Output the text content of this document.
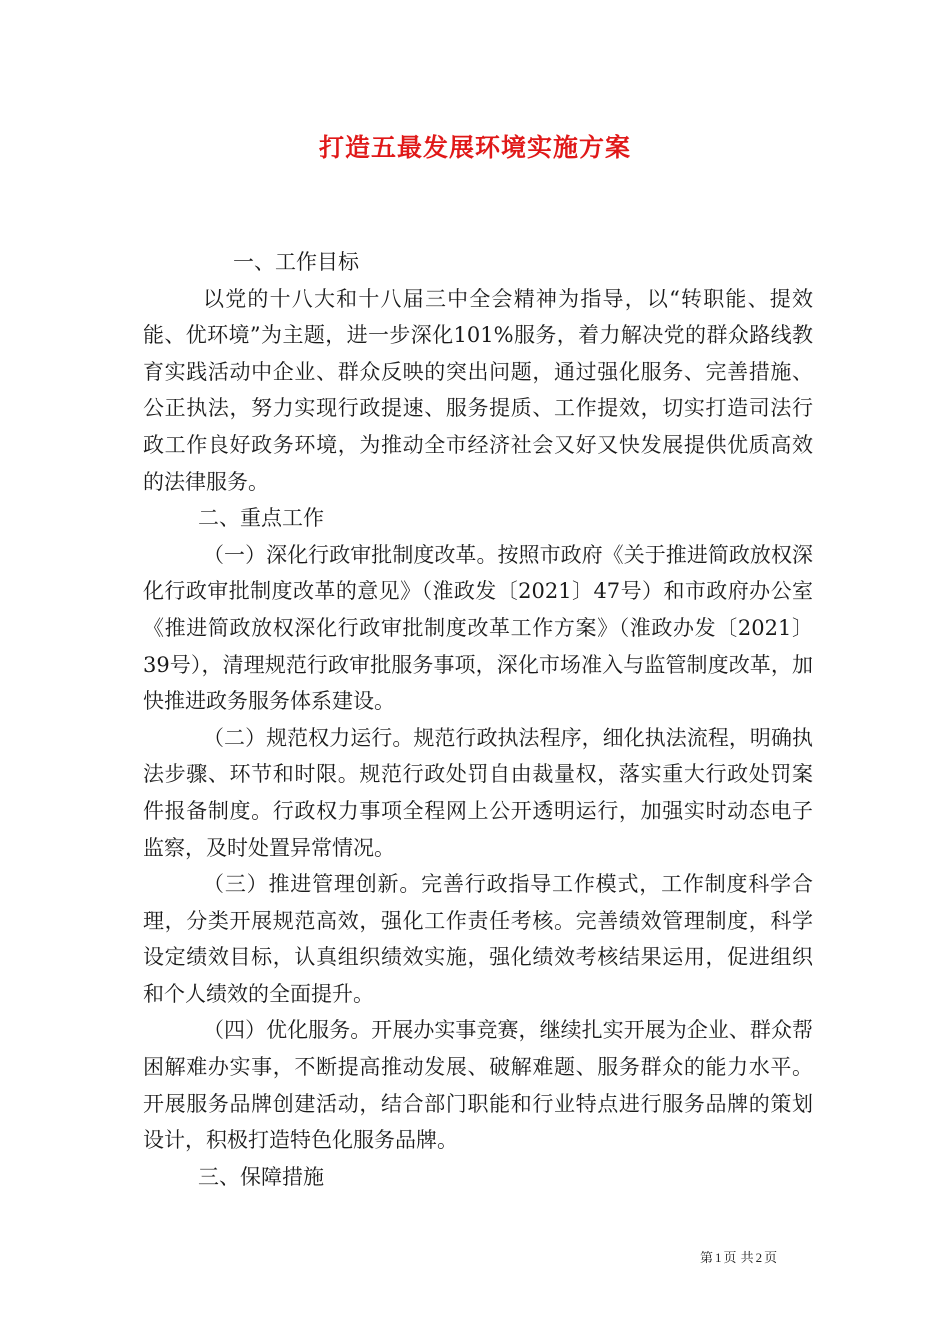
打造五最发展环境实施方案

一、工作目标

以党的十八大和十八届三中全会精神为指导，以“转职能、提效能、优环境”为主题，进一步深化101%服务，着力解决党的群众路线教育实践活动中企业、群众反映的突出问题，通过强化服务、完善措施、公正执法，努力实现行政提速、服务提质、工作提效，切实打造司法行政工作良好政务环境，为推动全市经济社会又好又快发展提供优质高效的法律服务。

二、重点工作

（一）深化行政审批制度改革。按照市政府《关于推进简政放权深化行政审批制度改革的意见》（淮政发〔2021〕47号）和市政府办公室《推进简政放权深化行政审批制度改革工作方案》（淮政办发〔2021〕39号），清理规范行政审批服务事项，深化市场准入与监管制度改革，加快推进政务服务体系建设。

（二）规范权力运行。规范行政执法程序，细化执法流程，明确执法步骤、环节和时限。规范行政处罚自由裁量权，落实重大行政处罚案件报备制度。行政权力事项全程网上公开透明运行，加强实时动态电子监察，及时处置异常情况。

（三）推进管理创新。完善行政指导工作模式，工作制度科学合理，分类开展规范高效，强化工作责任考核。完善绩效管理制度，科学设定绩效目标，认真组织绩效实施，强化绩效考核结果运用，促进组织和个人绩效的全面提升。

（四）优化服务。开展办实事竞赛，继续扎实开展为企业、群众帮困解难办实事，不断提高推动发展、破解难题、服务群众的能力水平。开展服务品牌创建活动，结合部门职能和行业特点进行服务品牌的策划设计，积极打造特色化服务品牌。

三、保障措施

第 1 页 共 2 页
